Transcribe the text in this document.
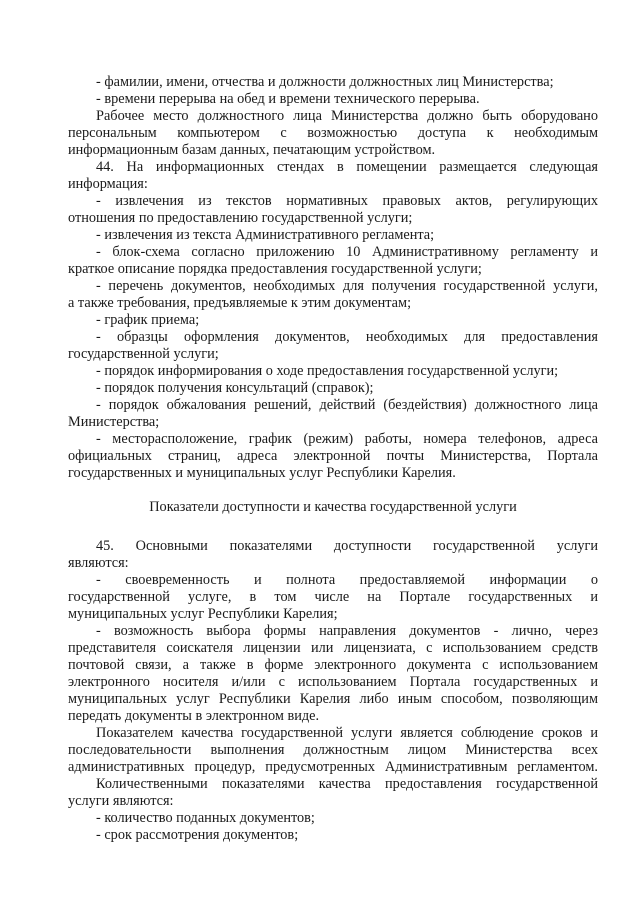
- фамилии, имени, отчества и должности должностных лиц Министерства;
- времени перерыва на обед и времени технического перерыва.
Рабочее место должностного лица Министерства должно быть оборудовано
персональным компьютером с возможностью доступа к необходимым
информационным базам данных, печатающим устройством.
44. На информационных стендах в помещении размещается следующая
информация:
- извлечения из текстов нормативных правовых актов, регулирующих
отношения по предоставлению государственной услуги;
- извлечения из текста Административного регламента;
- блок-схема согласно приложению 10 Административному регламенту и
краткое описание порядка предоставления государственной услуги;
- перечень документов, необходимых для получения государственной услуги,
а также требования, предъявляемые к этим документам;
- график приема;
- образцы оформления документов, необходимых для предоставления
государственной услуги;
- порядок информирования о ходе предоставления государственной услуги;
- порядок получения консультаций (справок);
- порядок обжалования решений, действий (бездействия) должностного лица
Министерства;
- месторасположение, график (режим) работы, номера телефонов, адреса
официальных страниц, адреса электронной почты Министерства, Портала
государственных и муниципальных услуг Республики Карелия.
Показатели доступности и качества государственной услуги
45. Основными показателями доступности государственной услуги
являются:
- своевременность и полнота предоставляемой информации о
государственной услуге, в том числе на Портале государственных и
муниципальных услуг Республики Карелия;
- возможность выбора формы направления документов - лично, через
представителя соискателя лицензии или лицензиата, с использованием средств
почтовой связи, а также в форме электронного документа с использованием
электронного носителя и/или с использованием Портала государственных и
муниципальных услуг Республики Карелия либо иным способом, позволяющим
передать документы в электронном виде.
Показателем качества государственной услуги является соблюдение сроков и
последовательности выполнения должностным лицом Министерства всех
административных процедур, предусмотренных Административным регламентом.
Количественными показателями качества предоставления государственной
услуги являются:
- количество поданных документов;
- срок рассмотрения документов;
